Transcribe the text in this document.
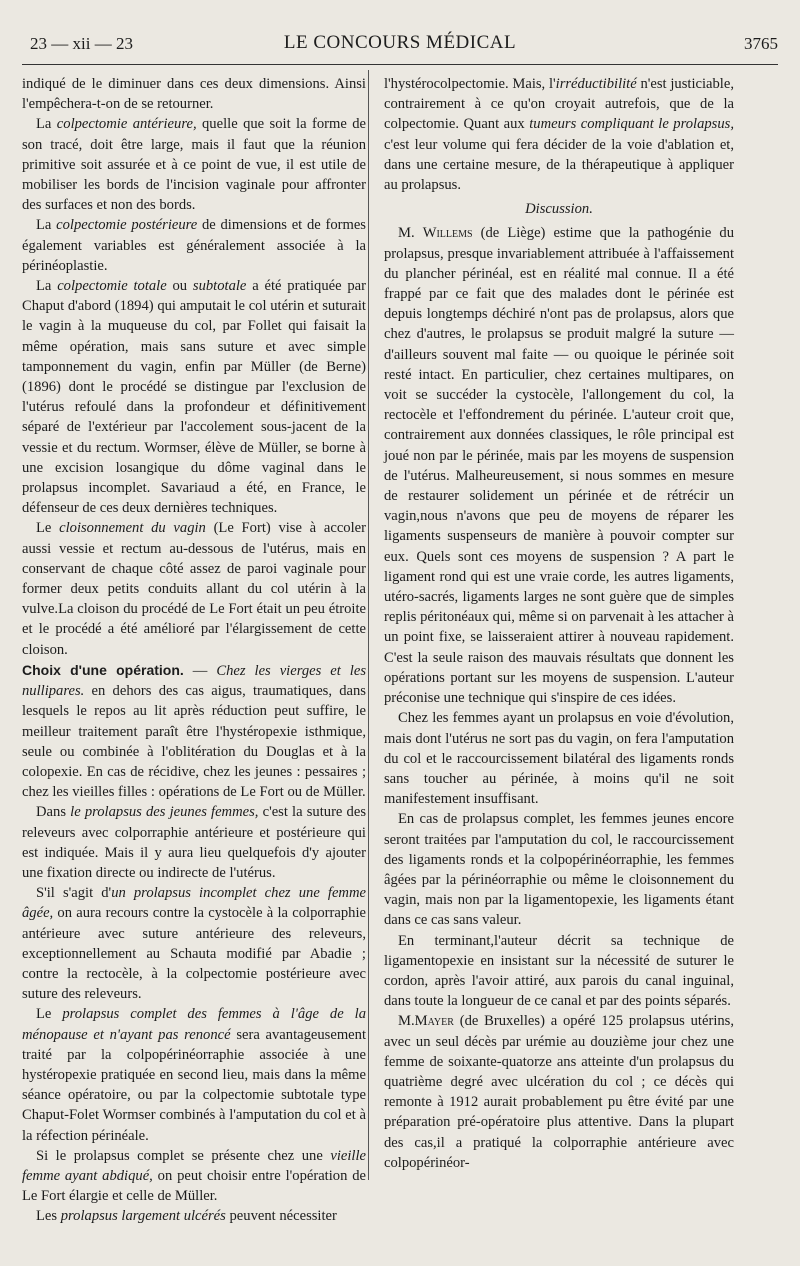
23 — xii — 23	LE CONCOURS MÉDICAL	3765

indiqué de le diminuer dans ces deux dimensions. Ainsi l'empêchera-t-on de se retourner.

La colpectomie antérieure, quelle que soit la forme de son tracé, doit être large, mais il faut que la réunion primitive soit assurée et à ce point de vue, il est utile de mobiliser les bords de l'incision vaginale pour affronter des surfaces et non des bords.

La colpectomie postérieure de dimensions et de formes également variables est généralement associée à la périnéoplastie.

La colpectomie totale ou subtotale a été pratiquée par Chaput d'abord (1894) qui amputait le col utérin et suturait le vagin à la muqueuse du col, par Follet qui faisait la même opération, mais sans suture et avec simple tamponnement du vagin, enfin par Müller (de Berne) (1896) dont le procédé se distingue par l'exclusion de l'utérus refoulé dans la profondeur et définitivement séparé de l'extérieur par l'accolement sous-jacent de la vessie et du rectum. Wormser, élève de Müller, se borne à une excision losangique du dôme vaginal dans le prolapsus incomplet. Savariaud a été, en France, le défenseur de ces deux dernières techniques.

Le cloisonnement du vagin (Le Fort) vise à accoler aussi vessie et rectum au-dessous de l'utérus, mais en conservant de chaque côté assez de paroi vaginale pour former deux petits conduits allant du col utérin à la vulve.La cloison du procédé de Le Fort était un peu étroite et le procédé a été amélioré par l'élargissement de cette cloison.

Choix d'une opération. — Chez les vierges et les nullipares. en dehors des cas aigus, traumatiques, dans lesquels le repos au lit après réduction peut suffire, le meilleur traitement paraît être l'hystéropexie isthmique, seule ou combinée à l'oblitération du Douglas et à la colopexie. En cas de récidive, chez les jeunes : pessaires ; chez les vieilles filles : opérations de Le Fort ou de Müller.

Dans le prolapsus des jeunes femmes, c'est la suture des releveurs avec colporraphie antérieure et postérieure qui est indiquée. Mais il y aura lieu quelquefois d'y ajouter une fixation directe ou indirecte de l'utérus.

S'il s'agit d'un prolapsus incomplet chez une femme âgée, on aura recours contre la cystocèle à la colporraphie antérieure avec suture antérieure des releveurs, exceptionnellement au Schauta modifié par Abadie ; contre la rectocèle, à la colpectomie postérieure avec suture des releveurs.

Le prolapsus complet des femmes à l'âge de la ménopause et n'ayant pas renoncé sera avantageusement traité par la colpopérinéorraphie associée à une hystéropexie pratiquée en second lieu, mais dans la même séance opératoire, ou par la colpectomie subtotale type Chaput-Folet Wormser combinés à l'amputation du col et à la réfection périnéale.

Si le prolapsus complet se présente chez une vieille femme ayant abdiqué, on peut choisir entre l'opération de Le Fort élargie et celle de Müller.

Les prolapsus largement ulcérés peuvent nécessiter

l'hystérocolpectomie. Mais, l'irréductibilité n'est justiciable, contrairement à ce qu'on croyait autrefois, que de la colpectomie. Quant aux tumeurs compliquant le prolapsus, c'est leur volume qui fera décider de la voie d'ablation et, dans une certaine mesure, de la thérapeutique à appliquer au prolapsus.

Discussion.

M. Willems (de Liège) estime que la pathogénie du prolapsus, presque invariablement attribuée à l'affaissement du plancher périnéal, est en réalité mal connue. Il a été frappé par ce fait que des malades dont le périnée est depuis longtemps déchiré n'ont pas de prolapsus, alors que chez d'autres, le prolapsus se produit malgré la suture — d'ailleurs souvent mal faite — ou quoique le périnée soit resté intact. En particulier, chez certaines multipares, on voit se succéder la cystocèle, l'allongement du col, la rectocèle et l'effondrement du périnée. L'auteur croit que, contrairement aux données classiques, le rôle principal est joué non par le périnée, mais par les moyens de suspension de l'utérus. Malheureusement, si nous sommes en mesure de restaurer solidement un périnée et de rétrécir un vagin,nous n'avons que peu de moyens de réparer les ligaments suspenseurs de manière à pouvoir compter sur eux. Quels sont ces moyens de suspension ? A part le ligament rond qui est une vraie corde, les autres ligaments, utéro-sacrés, ligaments larges ne sont guère que de simples replis péritonéaux qui, même si on parvenait à les attacher à un point fixe, se laisseraient attirer à nouveau rapidement. C'est la seule raison des mauvais résultats que donnent les opérations portant sur les moyens de suspension. L'auteur préconise une technique qui s'inspire de ces idées.

Chez les femmes ayant un prolapsus en voie d'évolution, mais dont l'utérus ne sort pas du vagin, on fera l'amputation du col et le raccourcissement bilatéral des ligaments ronds sans toucher au périnée, à moins qu'il ne soit manifestement insuffisant.

En cas de prolapsus complet, les femmes jeunes encore seront traitées par l'amputation du col, le raccourcissement des ligaments ronds et la colpopérinéorraphie, les femmes âgées par la périnéorraphie ou même le cloisonnement du vagin, mais non par la ligamentopexie, les ligaments étant dans ce cas sans valeur.

En terminant,l'auteur décrit sa technique de ligamentopexie en insistant sur la nécessité de suturer le cordon, après l'avoir attiré, aux parois du canal inguinal, dans toute la longueur de ce canal et par des points séparés.

M.Mayer (de Bruxelles) a opéré 125 prolapsus utérins, avec un seul décès par urémie au douzième jour chez une femme de soixante-quatorze ans atteinte d'un prolapsus du quatrième degré avec ulcération du col ; ce décès qui remonte à 1912 aurait probablement pu être évité par une préparation pré-opératoire plus attentive. Dans la plupart des cas,il a pratiqué la colporraphie antérieure avec colpopérinéor-
